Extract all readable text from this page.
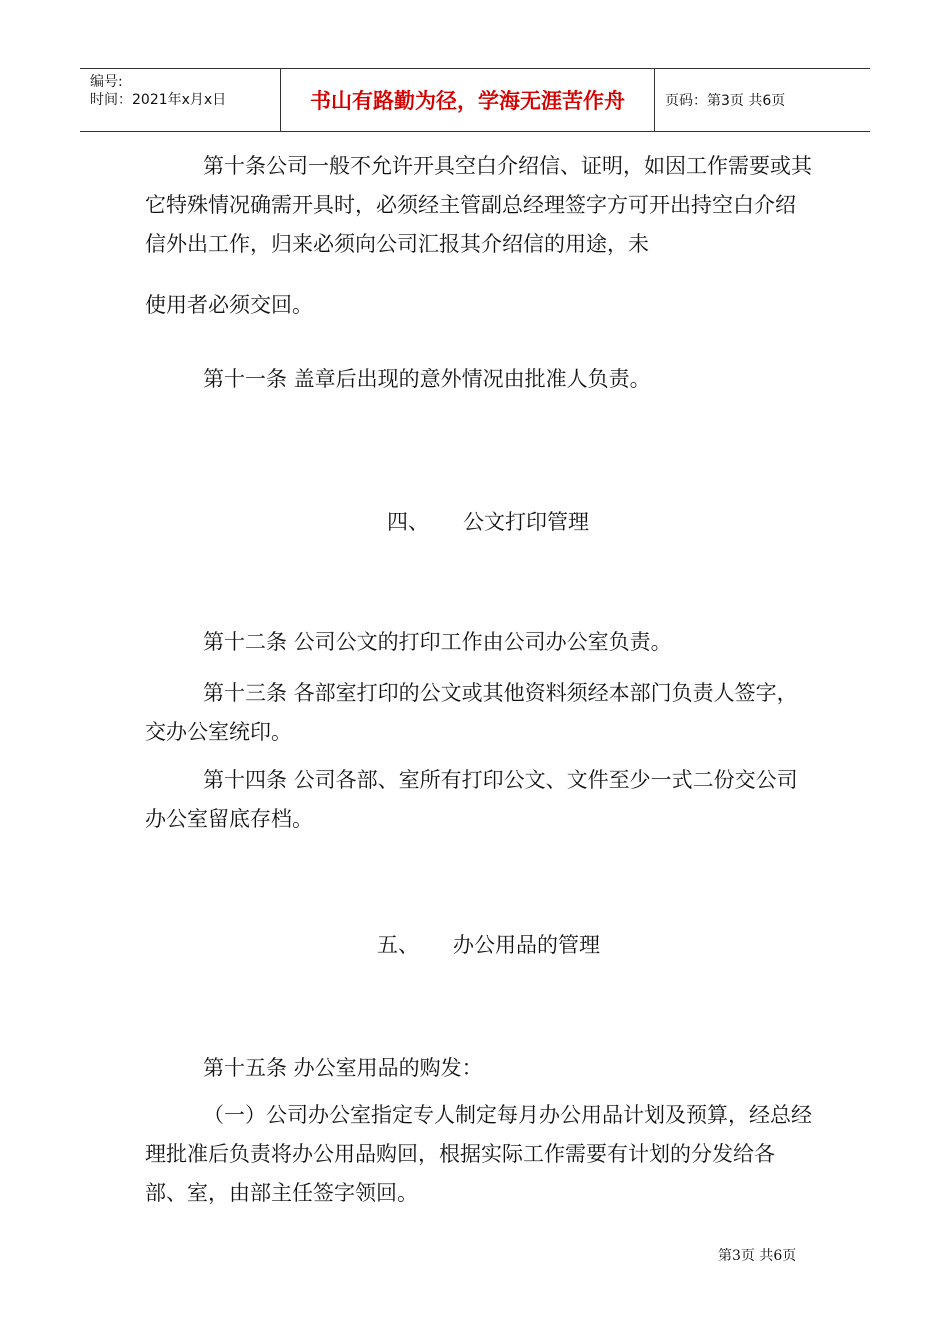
编号:
时间：2021年x月x日	书山有路勤为径，学海无涯苦作舟	页码：第3页 共6页

第十条公司一般不允许开具空白介绍信、证明，如因工作需要或其它特殊情况确需开具时，必须经主管副总经理签字方可开出持空白介绍信外出工作，归来必须向公司汇报其介绍信的用途，未

使用者必须交回。

第十一条 盖章后出现的意外情况由批准人负责。

四、 公文打印管理

第十二条 公司公文的打印工作由公司办公室负责。

第十三条 各部室打印的公文或其他资料须经本部门负责人签字，交办公室统印。

第十四条 公司各部、室所有打印公文、文件至少一式二份交公司办公室留底存档。

五、 办公用品的管理

第十五条 办公室用品的购发：

（一）公司办公室指定专人制定每月办公用品计划及预算，经总经理批准后负责将办公用品购回，根据实际工作需要有计划的分发给各部、室，由部主任签字领回。

第3页 共6页
